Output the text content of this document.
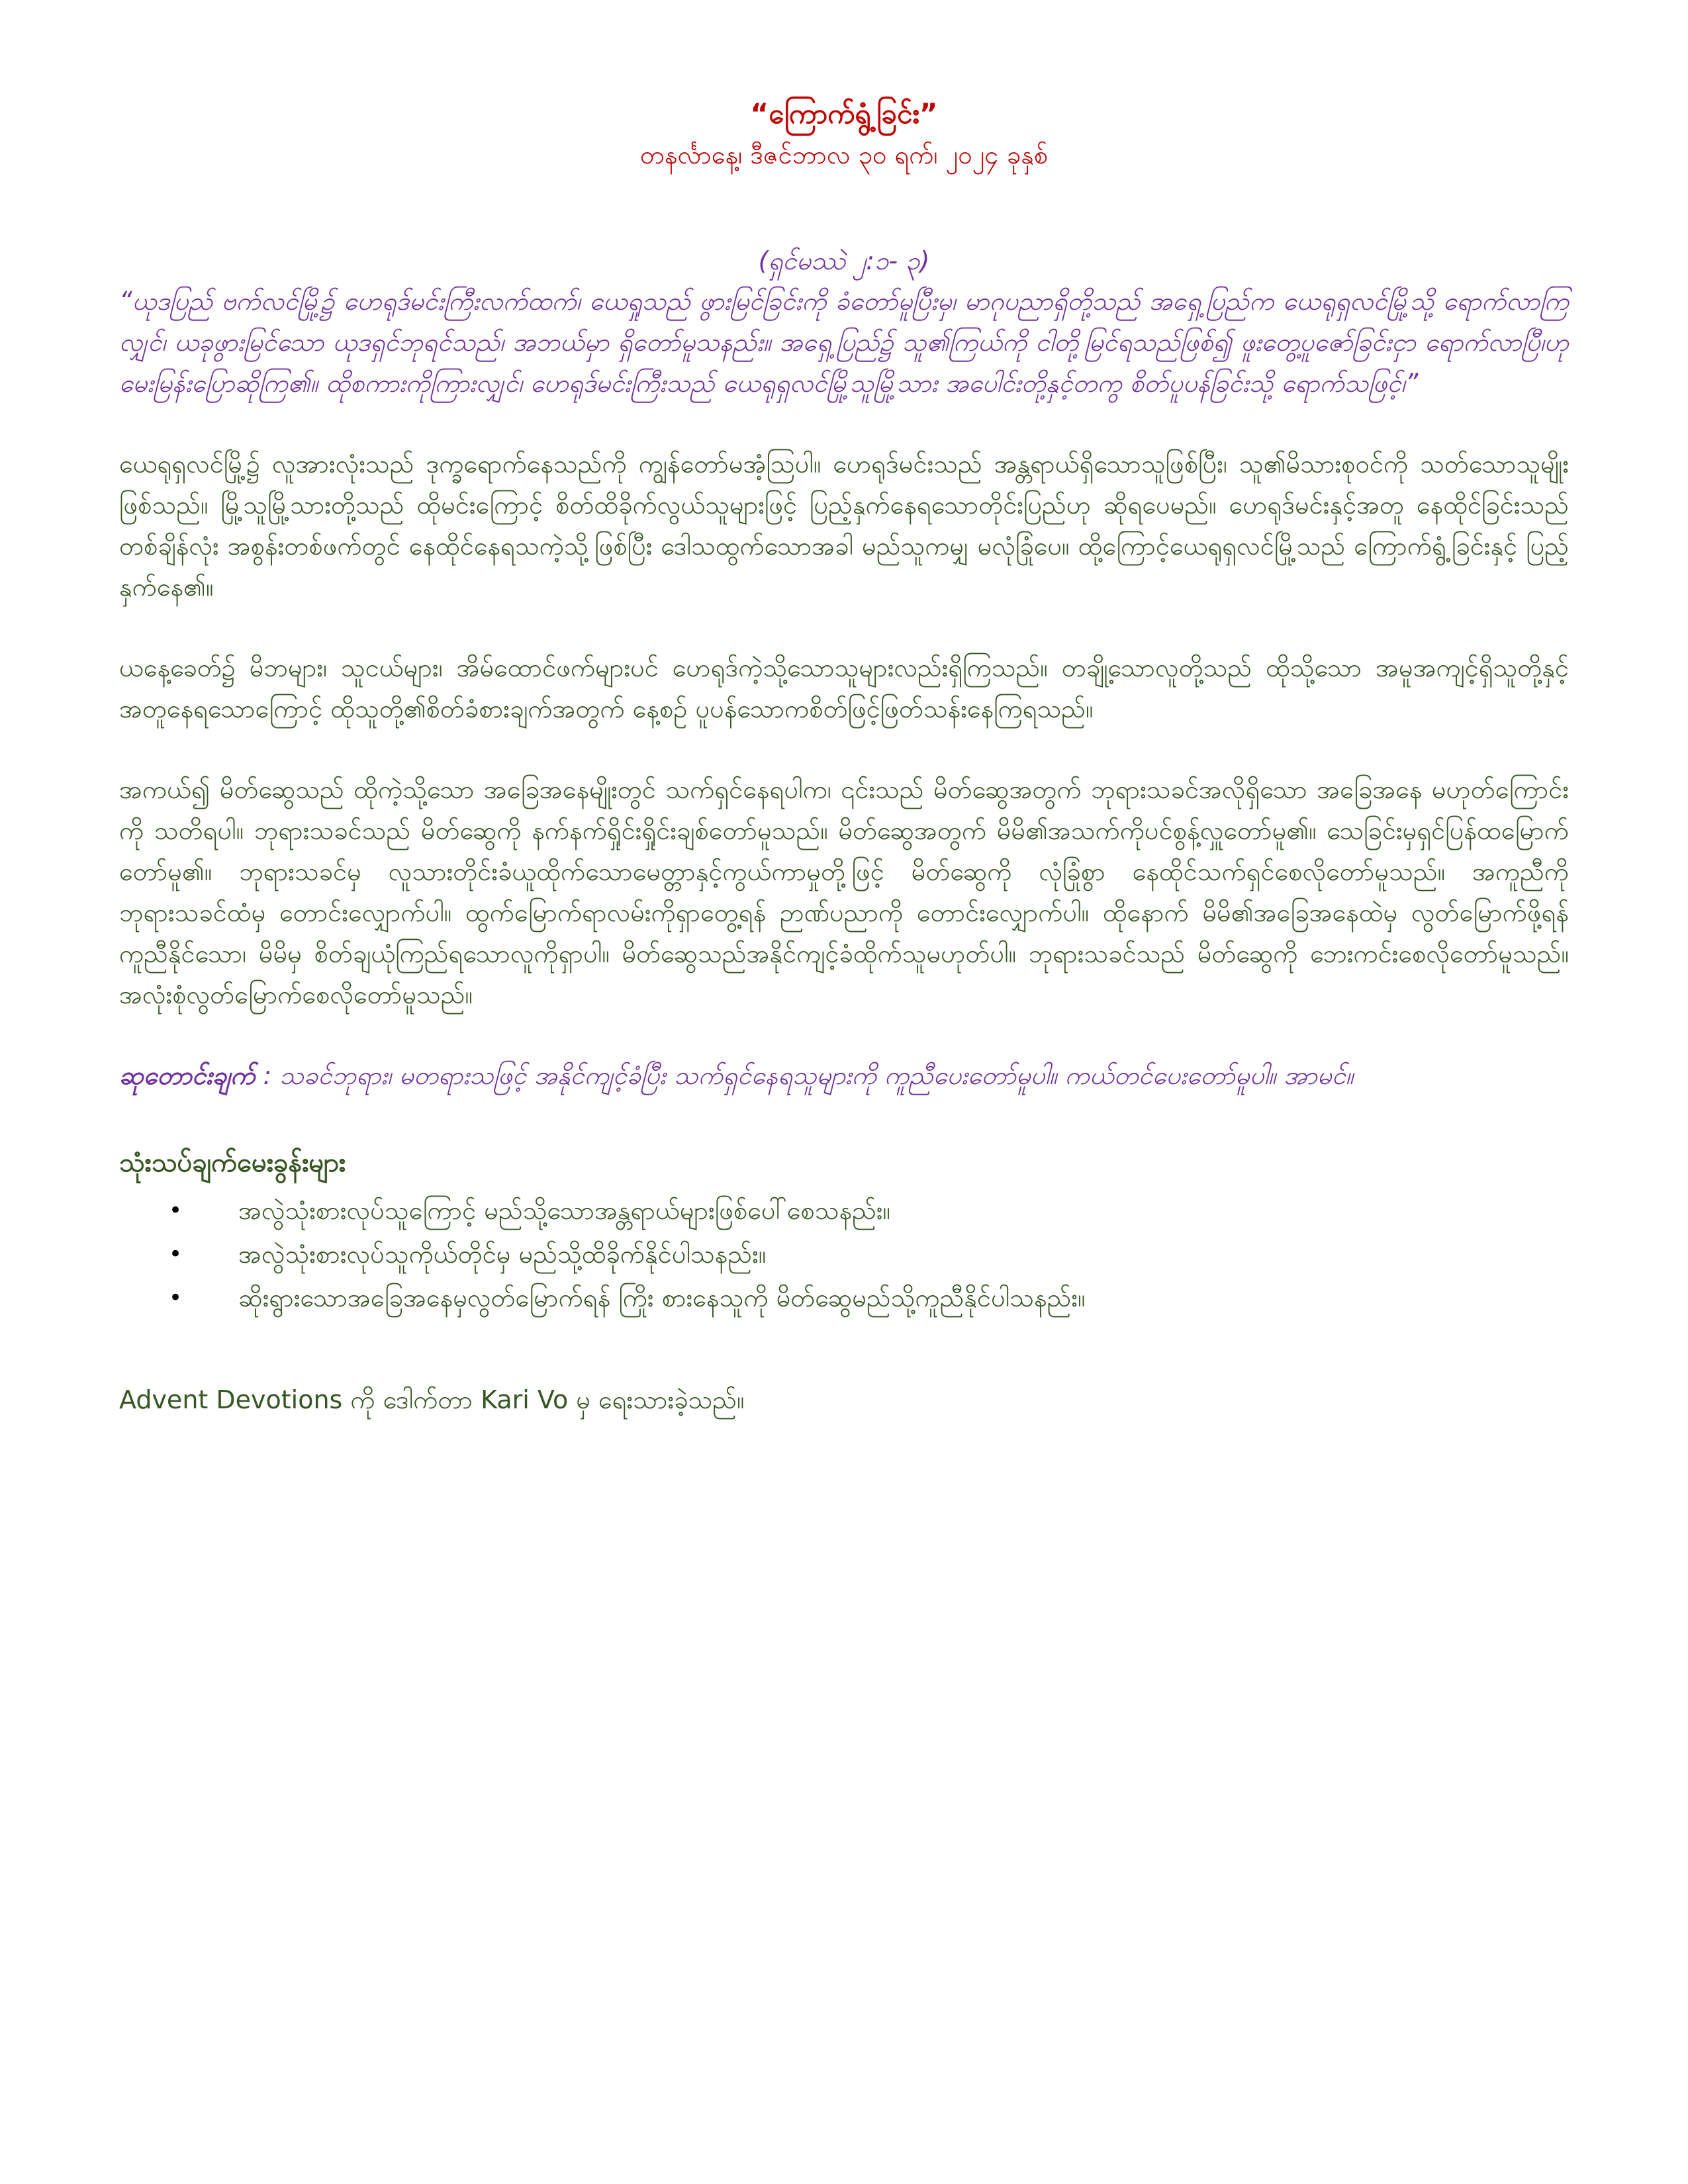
“ကြောက်ရွံ့ခြင်း”

တနင်္လာနေ့၊ ဒီဇင်ဘာလ ၃၀ ရက်၊ ၂၀၂၄ ခုနှစ်

(ရှင်မဿဲ ၂:၁- ၃)

“ယုဒပြည် ဗက်လင်မြို့၌ ဟေရုဒ်မင်းကြီးလက်ထက်၊ ယေရှုသည် ဖွားမြင်ခြင်းကို ခံတော်မူပြီးမှ၊ မာဂုပညာရှိတို့သည် အရှေ့ပြည်က ယေရုရှလင်မြို့သို့ ရောက်လာကြလျှင်၊ ယခုဖွားမြင်သော ယုဒရှင်ဘုရင်သည်၊ အဘယ်မှာ ရှိတော်မူသနည်း။ အရှေ့ပြည်၌ သူ၏ကြယ်ကို ငါတို့မြင်ရသည်ဖြစ်၍ ဖူးတွေ့ပူဇော်ခြင်းငှာ ရောက်လာပြီ၊ဟုမေးမြန်းပြောဆိုကြ၏။ ထိုစကားကိုကြားလျှင်၊ ဟေရုဒ်မင်းကြီးသည် ယေရုရှလင်မြို့သူမြို့သား အပေါင်းတို့နှင့်တကွ စိတ်ပူပန်ခြင်းသို့ ရောက်သဖြင့်၊”

ယေရုရှလင်မြို့၌ လူအားလုံးသည် ဒုက္ခရောက်နေသည်ကို ကျွန်တော်မအံ့သြပါ။ ဟေရုဒ်မင်းသည် အန္တရာယ်ရှိသောသူဖြစ်ပြီး၊ သူ၏မိသားစုဝင်ကို သတ်သောသူမျိုးဖြစ်သည်။ မြို့သူမြို့သားတို့သည် ထိုမင်းကြောင့် စိတ်ထိခိုက်လွယ်သူများဖြင့် ပြည့်နှက်နေရသောတိုင်းပြည်ဟု ဆိုရပေမည်။ ဟေရုဒ်မင်းနှင့်အတူ နေထိုင်ခြင်းသည်တစ်ချိန်လုံး အစွန်းတစ်ဖက်တွင် နေထိုင်နေရသကဲ့သို့ဖြစ်ပြီး ဒေါသထွက်သောအခါ မည်သူကမျှ မလုံခြုံပေ။ ထို့ကြောင့်ယေရုရှလင်မြို့သည် ကြောက်ရွံ့ခြင်းနှင့် ပြည့်နှက်နေ၏။

ယနေ့ခေတ်၌ မိဘများ၊ သူငယ်များ၊ အိမ်ထောင်ဖက်များပင် ဟေရုဒ်ကဲ့သို့သောသူများလည်းရှိကြသည်။ တချို့သောလူတို့သည် ထိုသို့သော အမူအကျင့်ရှိသူတို့နှင့် အတူနေရသောကြောင့် ထိုသူတို့၏စိတ်ခံစားချက်အတွက် နေ့စဉ် ပူပန်သောကစိတ်ဖြင့်ဖြတ်သန်းနေကြရသည်။

အကယ်၍ မိတ်ဆွေသည် ထိုကဲ့သို့သော အခြေအနေမျိုးတွင် သက်ရှင်နေရပါက၊ ၎င်းသည် မိတ်ဆွေအတွက် ဘုရားသခင်အလိုရှိသော အခြေအနေ မဟုတ်ကြောင်းကို သတိရပါ။ ဘုရားသခင်သည် မိတ်ဆွေကို နက်နက်ရှိုင်းရှိုင်းချစ်တော်မူသည်။ မိတ်ဆွေအတွက် မိမိ၏အသက်ကိုပင်စွန့်လှူတော်မူ၏။ သေခြင်းမှရှင်ပြန်ထမြောက်တော်မူ၏။ ဘုရားသခင်မှ လူသားတိုင်းခံယူထိုက်သောမေတ္တာနှင့်ကွယ်ကာမှုတို့ဖြင့် မိတ်ဆွေကို လုံခြုံစွာ နေထိုင်သက်ရှင်စေလိုတော်မူသည်။ အကူညီကို ဘုရားသခင်ထံမှ တောင်းလျှောက်ပါ။ ထွက်မြောက်ရာလမ်းကိုရှာတွေ့ရန် ဉာဏ်ပညာကို တောင်းလျှောက်ပါ။ ထိုနောက် မိမိ၏အခြေအနေထဲမှ လွတ်မြောက်ဖို့ရန် ကူညီနိုင်သော၊ မိမိမှ စိတ်ချယုံကြည်ရသောလူကိုရှာပါ။ မိတ်ဆွေသည်အနိုင်ကျင့်ခံထိုက်သူမဟုတ်ပါ။ ဘုရားသခင်သည် မိတ်ဆွေကို ဘေးကင်းစေလိုတော်မူသည်။ အလုံးစုံလွတ်မြောက်စေလိုတော်မူသည်။

ဆုတောင်းချက် : သခင်ဘုရား၊ မတရားသဖြင့် အနိုင်ကျင့်ခံပြီး သက်ရှင်နေရသူများကို ကူညီပေးတော်မူပါ။ ကယ်တင်ပေးတော်မူပါ။ အာမင်။

သုံးသပ်ချက်မေးခွန်းများ

• အလွဲသုံးစားလုပ်သူကြောင့် မည်သို့သောအန္တရာယ်များဖြစ်ပေါ်စေသနည်း။
• အလွဲသုံးစားလုပ်သူကိုယ်တိုင်မှ မည်သို့ထိခိုက်နိုင်ပါသနည်း။
• ဆိုးရွားသောအခြေအနေမှလွတ်မြောက်ရန် ကြိုး စားနေသူကို မိတ်ဆွေမည်သို့ကူညီနိုင်ပါသနည်း။

Advent Devotions ကို ဒေါက်တာ Kari Vo မှ ရေးသားခဲ့သည်။
